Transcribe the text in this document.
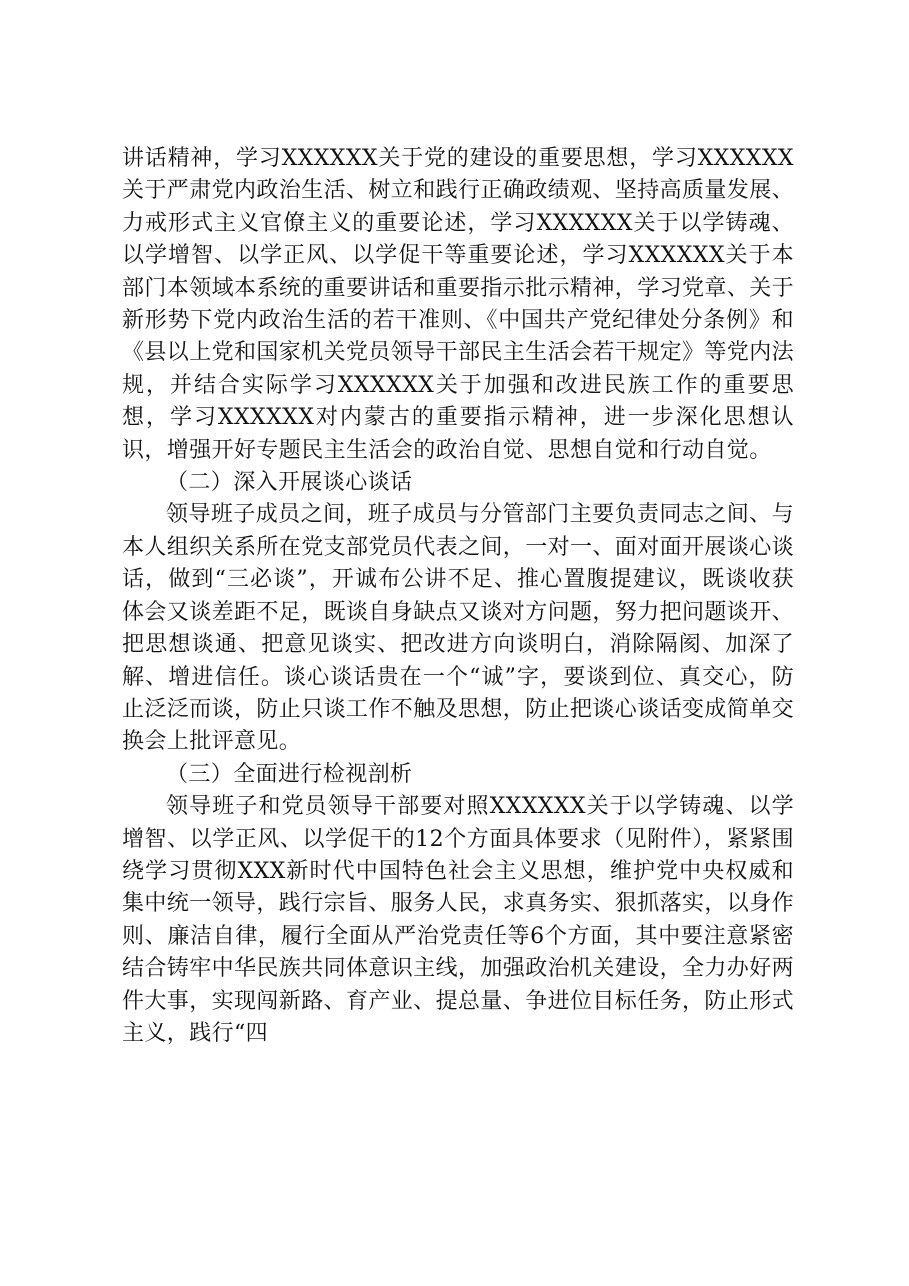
讲话精神，学习XXXXXX关于党的建设的重要思想，学习XXXXXX关于严肃党内政治生活、树立和践行正确政绩观、坚持高质量发展、力戒形式主义官僚主义的重要论述，学习XXXXXX关于以学铸魂、以学增智、以学正风、以学促干等重要论述，学习XXXXXX关于本部门本领域本系统的重要讲话和重要指示批示精神，学习党章、关于新形势下党内政治生活的若干准则、《中国共产党纪律处分条例》和《县以上党和国家机关党员领导干部民主生活会若干规定》等党内法规，并结合实际学习XXXXXX关于加强和改进民族工作的重要思想，学习XXXXXX对内蒙古的重要指示精神，进一步深化思想认识，增强开好专题民主生活会的政治自觉、思想自觉和行动自觉。

（二）深入开展谈心谈话

领导班子成员之间，班子成员与分管部门主要负责同志之间、与本人组织关系所在党支部党员代表之间，一对一、面对面开展谈心谈话，做到“三必谈”，开诚布公讲不足、推心置腹提建议，既谈收获体会又谈差距不足，既谈自身缺点又谈对方问题，努力把问题谈开、把思想谈通、把意见谈实、把改进方向谈明白，消除隔阂、加深了解、增进信任。谈心谈话贵在一个“诚”字，要谈到位、真交心，防止泛泛而谈，防止只谈工作不触及思想，防止把谈心谈话变成简单交换会上批评意见。

（三）全面进行检视剖析

领导班子和党员领导干部要对照XXXXXX关于以学铸魂、以学增智、以学正风、以学促干的12个方面具体要求（见附件），紧紧围绕学习贯彻XXX新时代中国特色社会主义思想，维护党中央权威和集中统一领导，践行宗旨、服务人民，求真务实、狠抓落实，以身作则、廉洁自律，履行全面从严治党责任等6个方面，其中要注意紧密结合铸牢中华民族共同体意识主线，加强政治机关建设，全力办好两件大事，实现闯新路、育产业、提总量、争进位目标任务，防止形式主义，践行“四
